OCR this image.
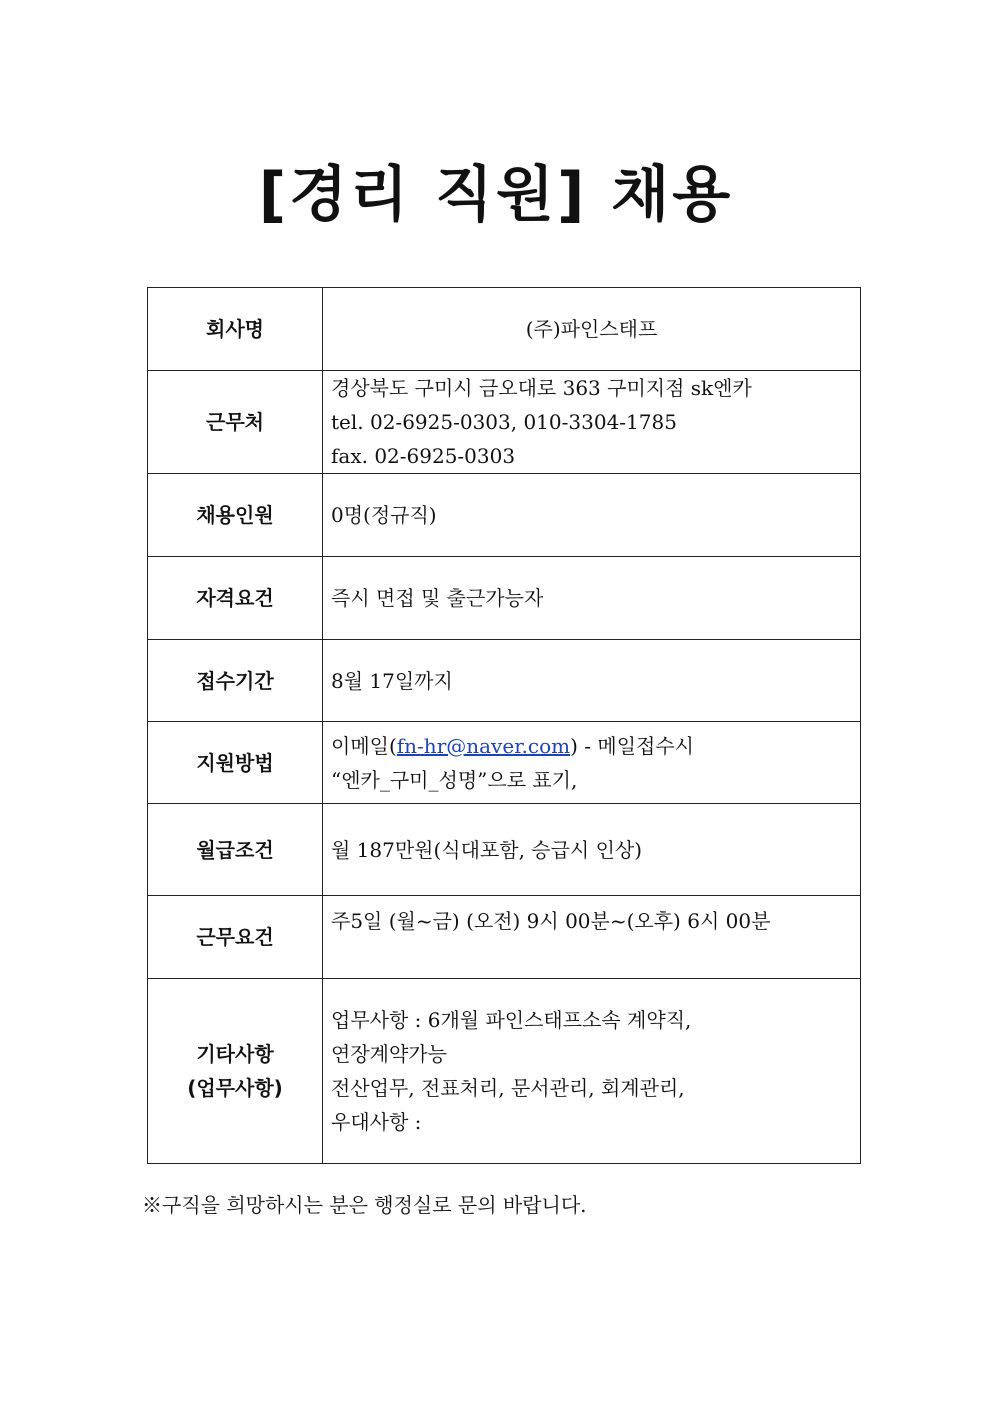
[경리 직원] 채용
회사명	(주)파인스태프
근무처	경상북도 구미시 금오대로 363 구미지점 sk엔카
tel. 02-6925-0303, 010-3304-1785
fax. 02-6925-0303

채용인원	0명(정규직)
자격요건	즉시 면접 및 출근가능자
접수기간	8월 17일까지
지원방법	이메일(fn-hr@naver.com) - 메일접수시
“엔카_구미_성명”으로 표기,

월급조건	월 187만원(식대포함, 승급시 인상)
근무요건	주5일 (월~금) (오전) 9시 00분~(오후) 6시 00분

기타사항
(업무사항)	업무사항 : 6개월 파인스태프소속 계약직,
연장계약가능
전산업무, 전표처리, 문서관리, 회계관리,
우대사항 :
※구직을 희망하시는 분은 행정실로 문의 바랍니다.
